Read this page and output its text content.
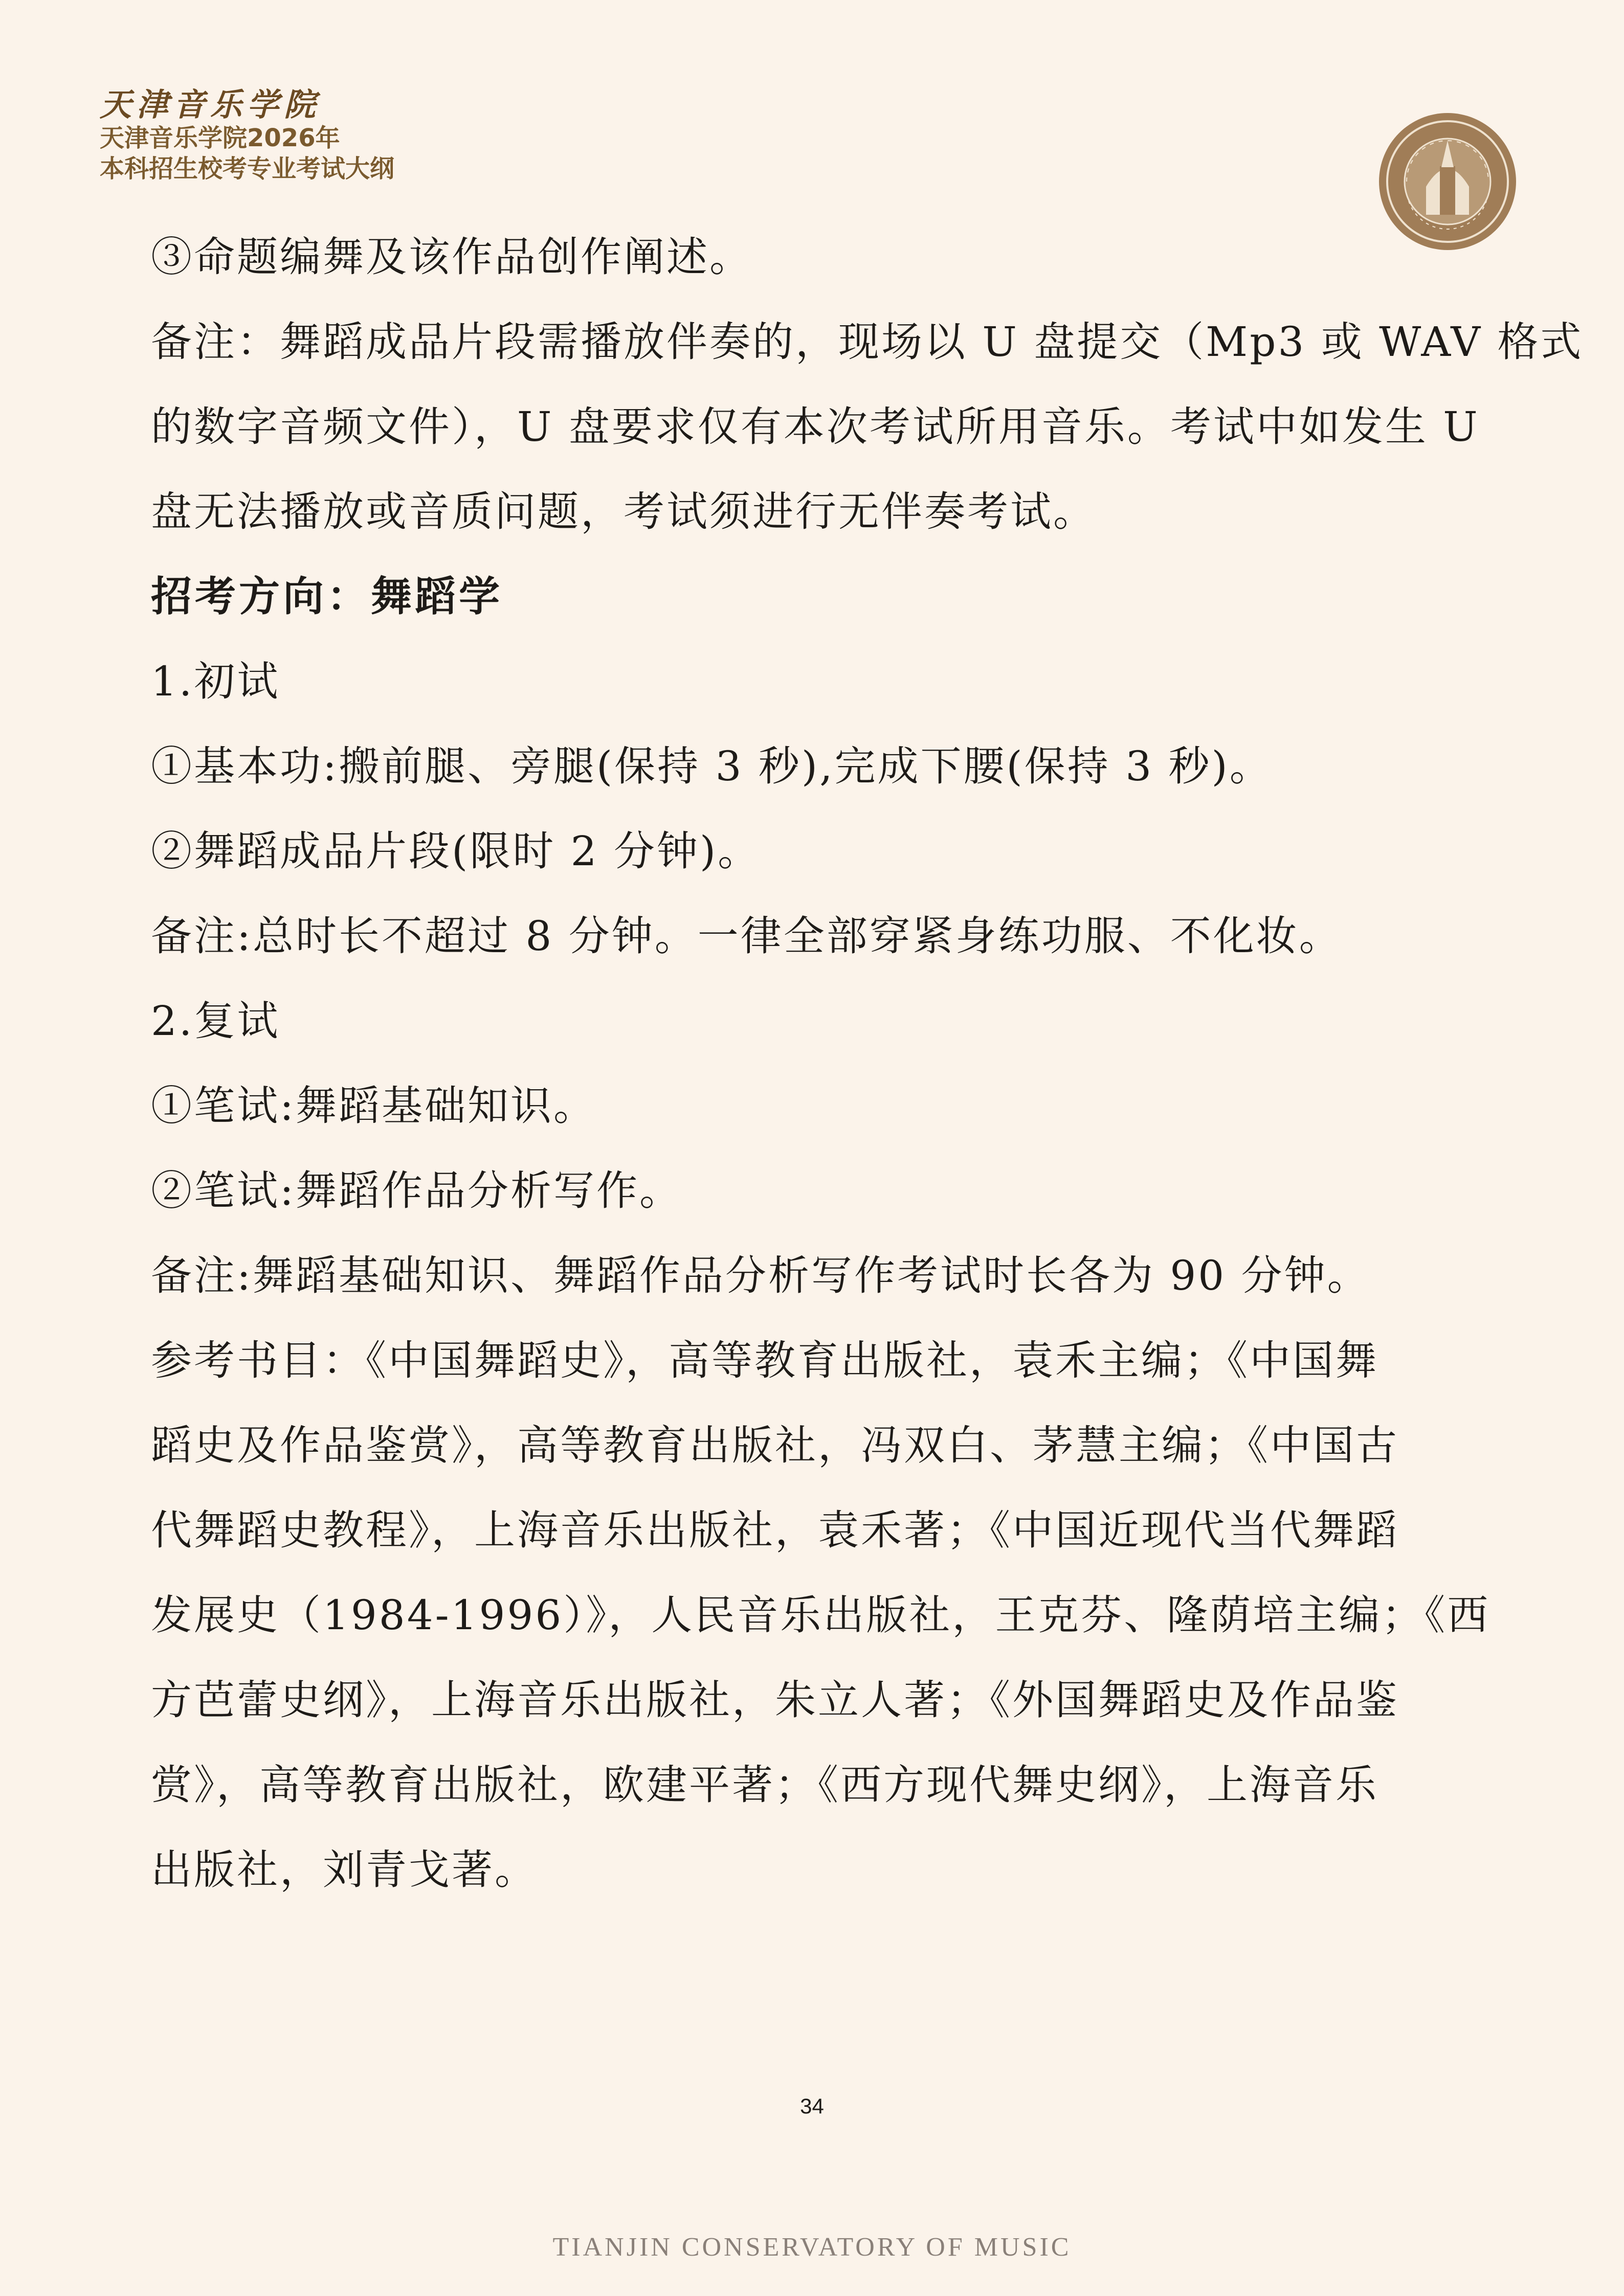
天津音乐学院
天津音乐学院2026年
本科招生校考专业考试大纲
③命题编舞及该作品创作阐述。
备注：舞蹈成品片段需播放伴奏的，现场以 U 盘提交（Mp3 或 WAV 格式
的数字音频文件），U 盘要求仅有本次考试所用音乐。考试中如发生 U
盘无法播放或音质问题，考试须进行无伴奏考试。
招考方向：舞蹈学
1.初试
①基本功:搬前腿、旁腿(保持 3 秒),完成下腰(保持 3 秒)。
②舞蹈成品片段(限时 2 分钟)。
备注:总时长不超过 8 分钟。一律全部穿紧身练功服、不化妆。
2.复试
①笔试:舞蹈基础知识。
②笔试:舞蹈作品分析写作。
备注:舞蹈基础知识、舞蹈作品分析写作考试时长各为 90 分钟。
参考书目：《中国舞蹈史》，高等教育出版社，袁禾主编；《中国舞
蹈史及作品鉴赏》，高等教育出版社，冯双白、茅慧主编；《中国古
代舞蹈史教程》，上海音乐出版社，袁禾著；《中国近现代当代舞蹈
发展史（1984-1996）》，人民音乐出版社，王克芬、隆荫培主编；《西
方芭蕾史纲》，上海音乐出版社，朱立人著；《外国舞蹈史及作品鉴
赏》，高等教育出版社，欧建平著；《西方现代舞史纲》，上海音乐
出版社，刘青戈著。
34
TIANJIN CONSERVATORY OF MUSIC
